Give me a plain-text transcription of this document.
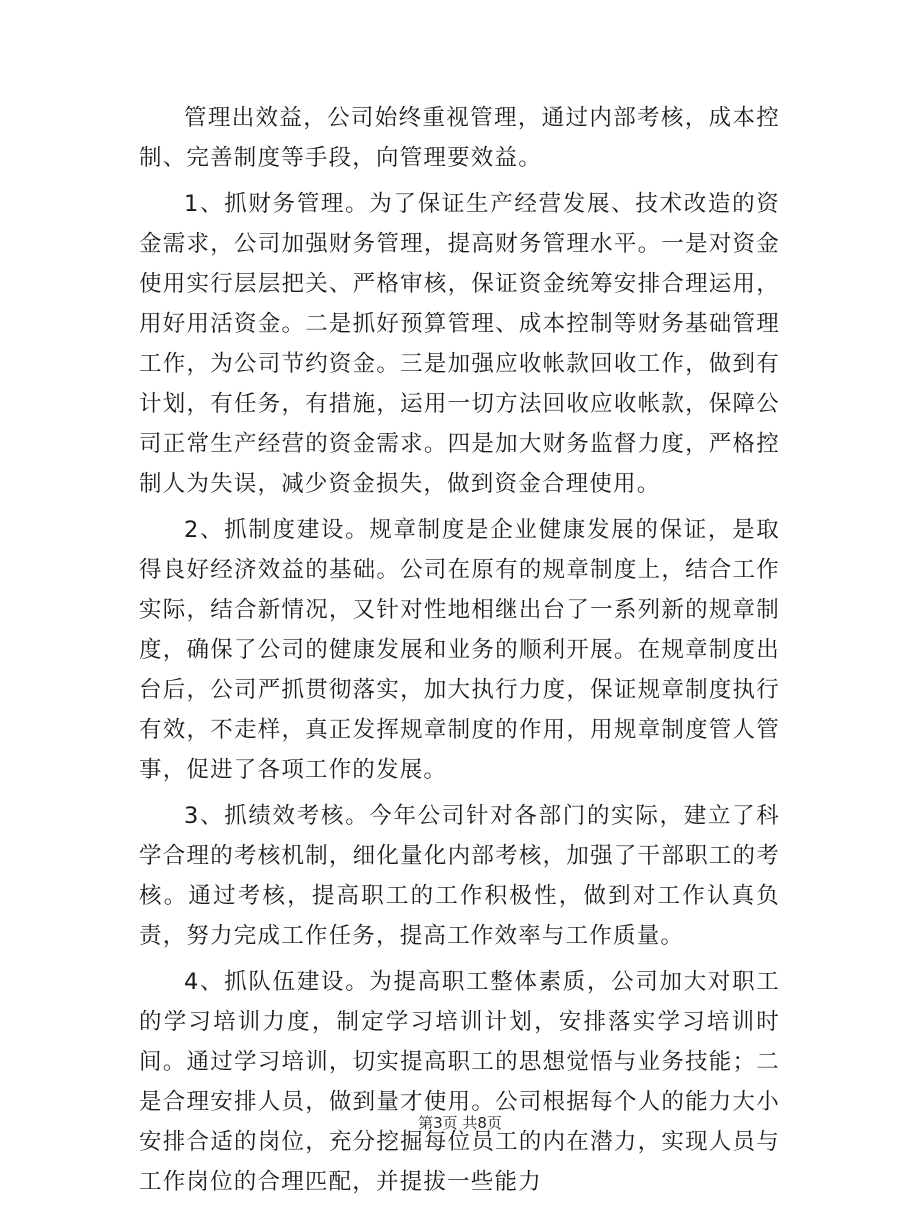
管理出效益，公司始终重视管理，通过内部考核，成本控制、完善制度等手段，向管理要效益。

1、抓财务管理。为了保证生产经营发展、技术改造的资金需求，公司加强财务管理，提高财务管理水平。一是对资金使用实行层层把关、严格审核，保证资金统筹安排合理运用，用好用活资金。二是抓好预算管理、成本控制等财务基础管理工作，为公司节约资金。三是加强应收帐款回收工作，做到有计划，有任务，有措施，运用一切方法回收应收帐款，保障公司正常生产经营的资金需求。四是加大财务监督力度，严格控制人为失误，减少资金损失，做到资金合理使用。

2、抓制度建设。规章制度是企业健康发展的保证，是取得良好经济效益的基础。公司在原有的规章制度上，结合工作实际，结合新情况，又针对性地相继出台了一系列新的规章制度，确保了公司的健康发展和业务的顺利开展。在规章制度出台后，公司严抓贯彻落实，加大执行力度，保证规章制度执行有效，不走样，真正发挥规章制度的作用，用规章制度管人管事，促进了各项工作的发展。

3、抓绩效考核。今年公司针对各部门的实际，建立了科学合理的考核机制，细化量化内部考核，加强了干部职工的考核。通过考核，提高职工的工作积极性，做到对工作认真负责，努力完成工作任务，提高工作效率与工作质量。

4、抓队伍建设。为提高职工整体素质，公司加大对职工的学习培训力度，制定学习培训计划，安排落实学习培训时间。通过学习培训，切实提高职工的思想觉悟与业务技能；二是合理安排人员，做到量才使用。公司根据每个人的能力大小安排合适的岗位，充分挖掘每位员工的内在潜力，实现人员与工作岗位的合理匹配，并提拔一些能力

第3页 共8页
